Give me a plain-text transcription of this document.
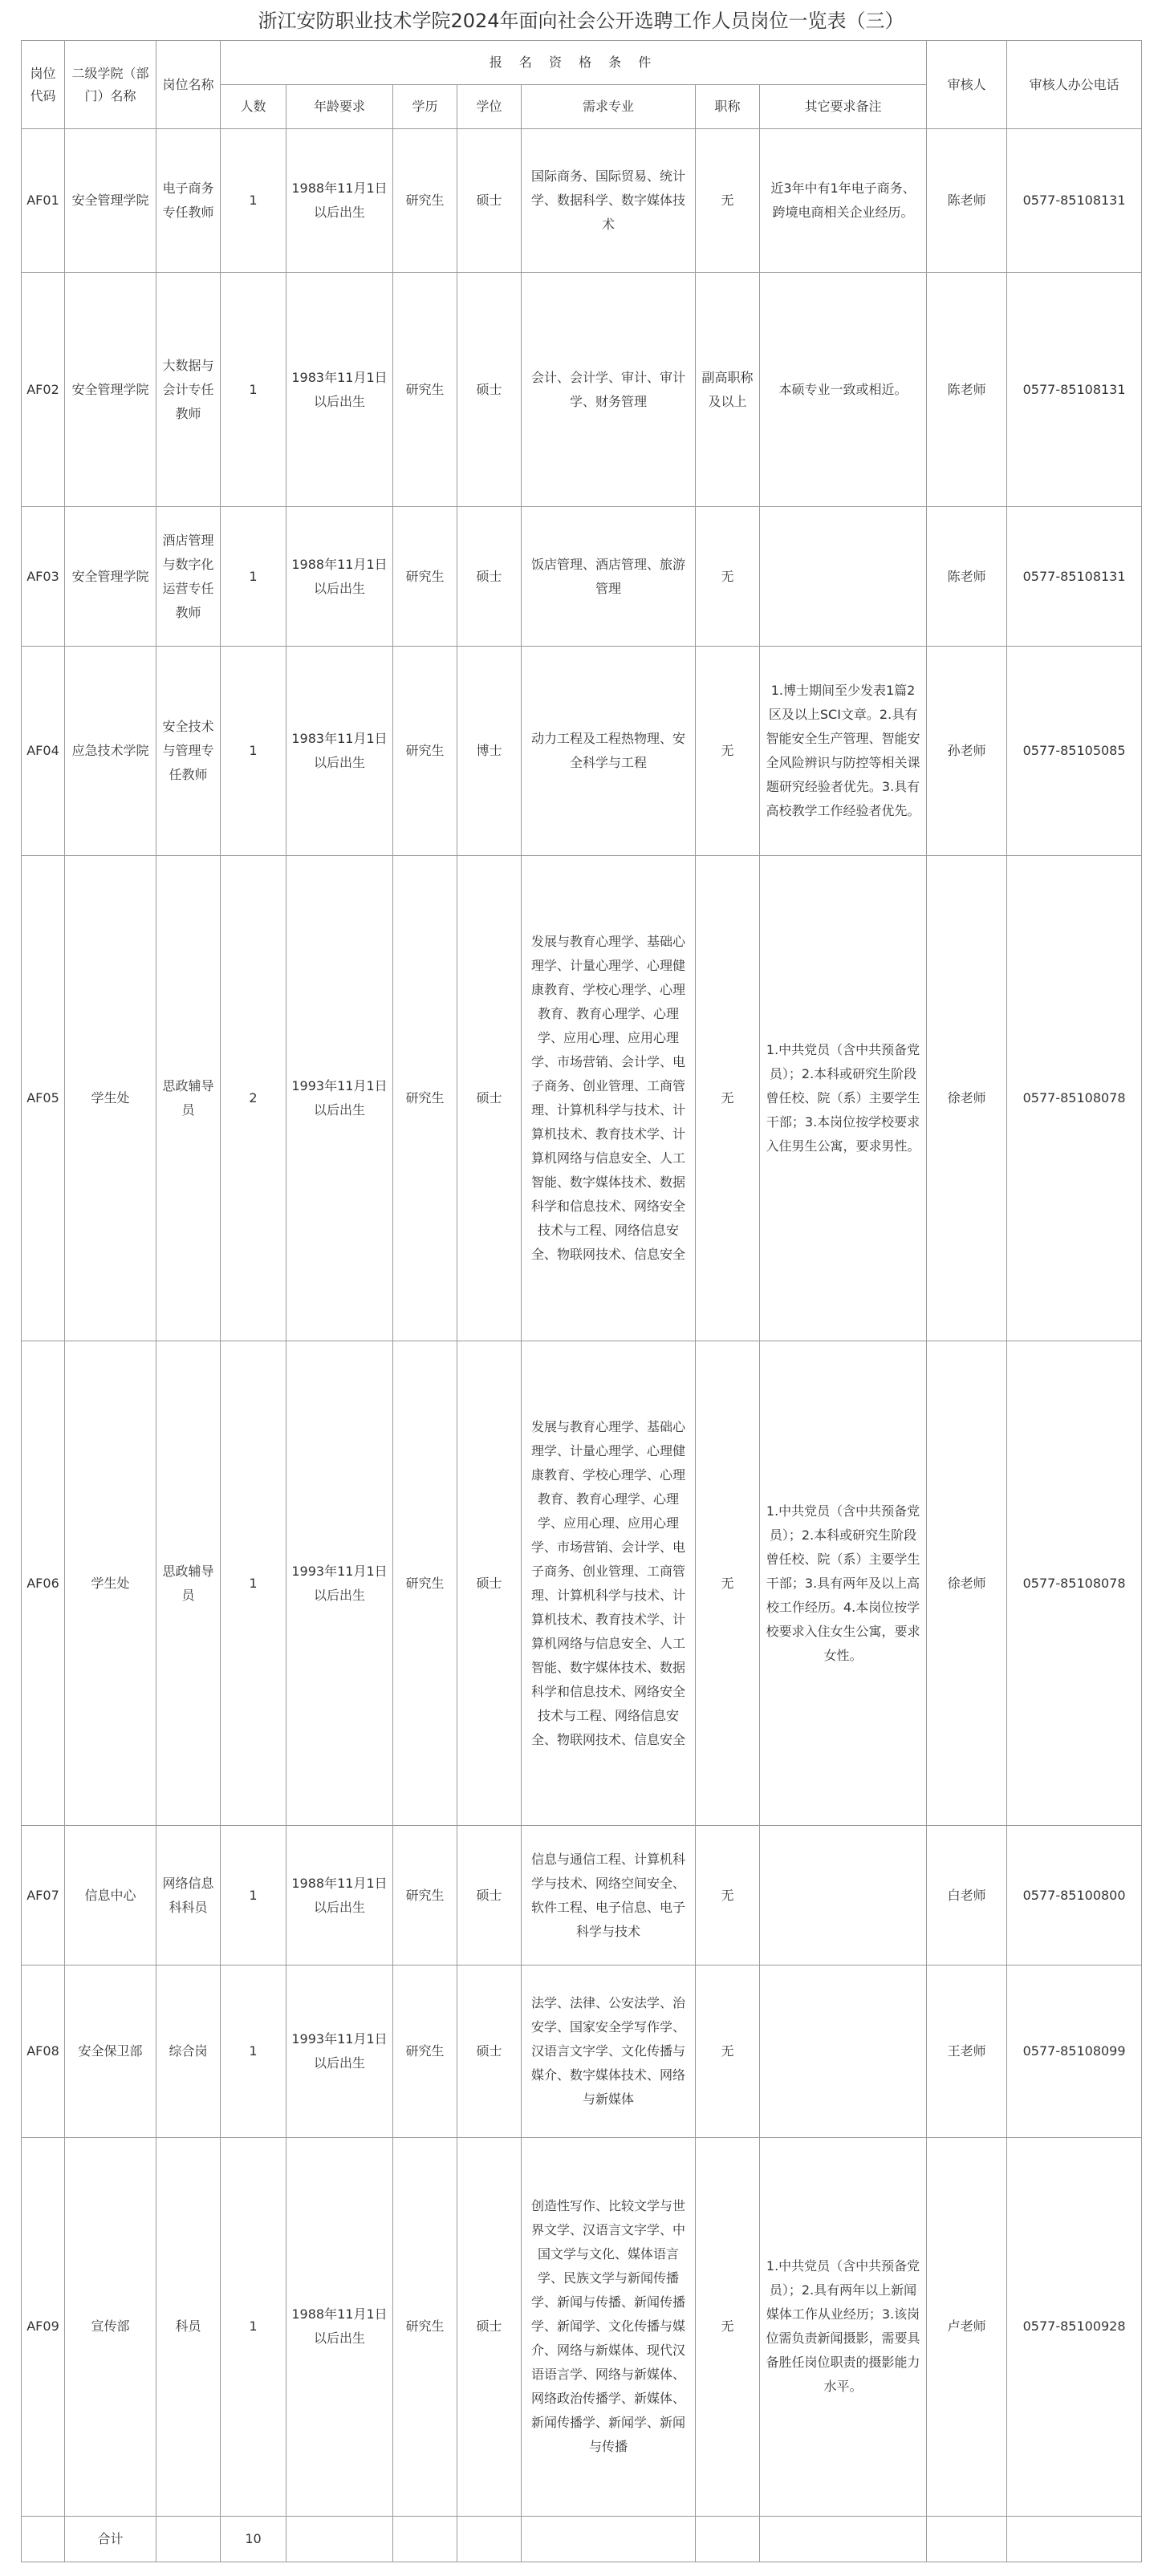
浙江安防职业技术学院2024年面向社会公开选聘工作人员岗位一览表（三）
岗位代码	二级学院（部门）名称	岗位名称	报 名 资 格 条 件							审核人	审核人办公电话
			人数	年龄要求	学历	学位	需求专业	职称	其它要求备注		
AF01	安全管理学院	电子商务专任教师	1	1988年11月1日以后出生	研究生	硕士	国际商务、国际贸易、统计学、数据科学、数字媒体技术	无	近3年中有1年电子商务、跨境电商相关企业经历。	陈老师	0577-85108131
AF02	安全管理学院	大数据与会计专任教师	1	1983年11月1日以后出生	研究生	硕士	会计、会计学、审计、审计学、财务管理	副高职称及以上	本硕专业一致或相近。	陈老师	0577-85108131
AF03	安全管理学院	酒店管理与数字化运营专任教师	1	1988年11月1日以后出生	研究生	硕士	饭店管理、酒店管理、旅游管理	无		陈老师	0577-85108131
AF04	应急技术学院	安全技术与管理专任教师	1	1983年11月1日以后出生	研究生	博士	动力工程及工程热物理、安全科学与工程	无	1.博士期间至少发表1篇2区及以上SCI文章。2.具有智能安全生产管理、智能安全风险辨识与防控等相关课题研究经验者优先。3.具有高校教学工作经验者优先。	孙老师	0577-85105085
AF05	学生处	思政辅导员	2	1993年11月1日以后出生	研究生	硕士	发展与教育心理学、基础心理学、计量心理学、心理健康教育、学校心理学、心理教育、教育心理学、心理学、应用心理、应用心理学、市场营销、会计学、电子商务、创业管理、工商管理、计算机科学与技术、计算机技术、教育技术学、计算机网络与信息安全、人工智能、数字媒体技术、数据科学和信息技术、网络安全技术与工程、网络信息安全、物联网技术、信息安全	无	1.中共党员（含中共预备党员）；2.本科或研究生阶段曾任校、院（系）主要学生干部；3.本岗位按学校要求入住男生公寓，要求男性。	徐老师	0577-85108078
AF06	学生处	思政辅导员	1	1993年11月1日以后出生	研究生	硕士	发展与教育心理学、基础心理学、计量心理学、心理健康教育、学校心理学、心理教育、教育心理学、心理学、应用心理、应用心理学、市场营销、会计学、电子商务、创业管理、工商管理、计算机科学与技术、计算机技术、教育技术学、计算机网络与信息安全、人工智能、数字媒体技术、数据科学和信息技术、网络安全技术与工程、网络信息安全、物联网技术、信息安全	无	1.中共党员（含中共预备党员）；2.本科或研究生阶段曾任校、院（系）主要学生干部；3.具有两年及以上高校工作经历。4.本岗位按学校要求入住女生公寓，要求女性。	徐老师	0577-85108078
AF07	信息中心	网络信息科科员	1	1988年11月1日以后出生	研究生	硕士	信息与通信工程、计算机科学与技术、网络空间安全、软件工程、电子信息、电子科学与技术	无		白老师	0577-85100800
AF08	安全保卫部	综合岗	1	1993年11月1日以后出生	研究生	硕士	法学、法律、公安法学、治安学、国家安全学写作学、汉语言文字学、文化传播与媒介、数字媒体技术、网络与新媒体	无		王老师	0577-85108099
AF09	宣传部	科员	1	1988年11月1日以后出生	研究生	硕士	创造性写作、比较文学与世界文学、汉语言文字学、中国文学与文化、媒体语言学、民族文学与新闻传播学、新闻与传播、新闻传播学、新闻学、文化传播与媒介、网络与新媒体、现代汉语语言学、网络与新媒体、网络政治传播学、新媒体、新闻传播学、新闻学、新闻与传播	无	1.中共党员（含中共预备党员）；2.具有两年以上新闻媒体工作从业经历；3.该岗位需负责新闻摄影，需要具备胜任岗位职责的摄影能力水平。	卢老师	0577-85100928
	合计		10								
